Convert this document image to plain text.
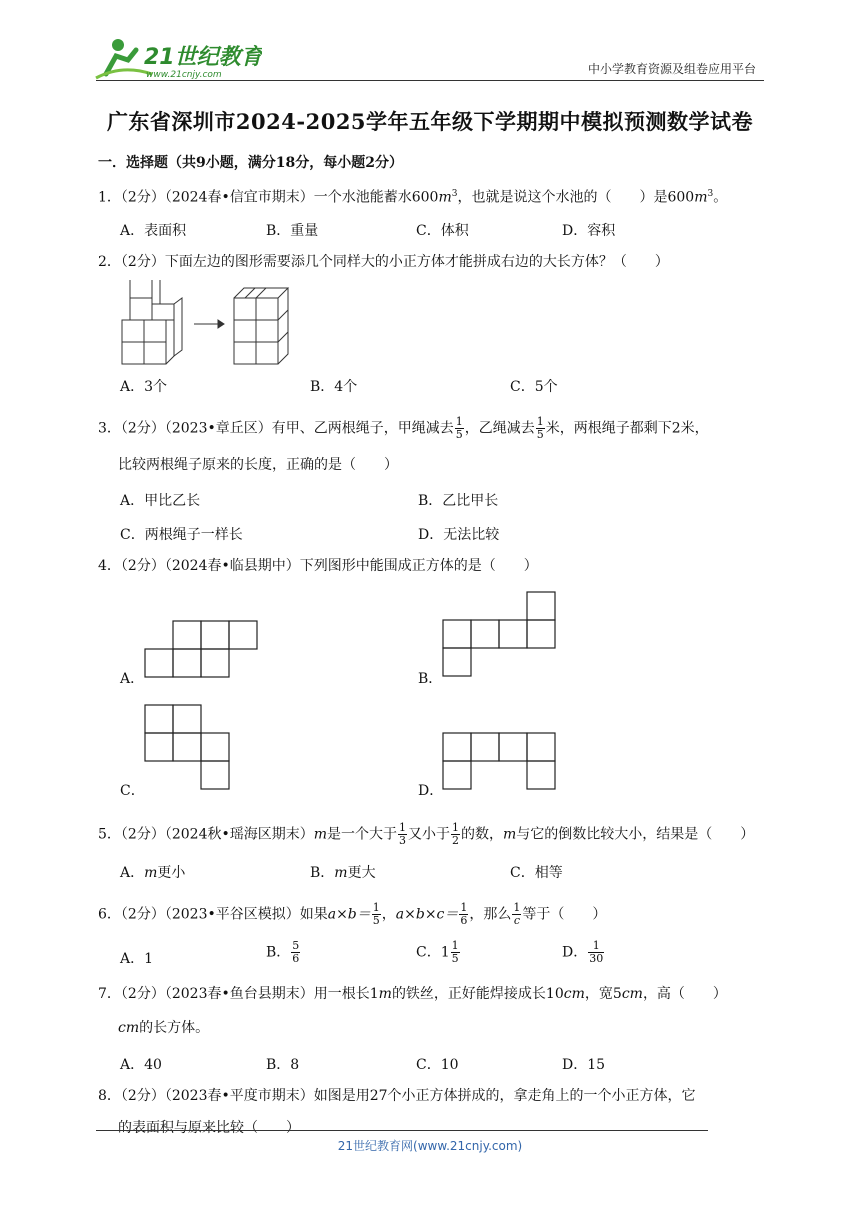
21世纪教育
www.21cnjy.com	中小学教育资源及组卷应用平台
广东省深圳市2024-2025学年五年级下学期期中模拟预测数学试卷
一．选择题（共9小题，满分18分，每小题2分）
1．（2分）（2024春•信宜市期末）一个水池能蓄水$600m^3$，也就是说这个水池的（　　）是$600m^3$。
A．表面积	B．重量	C．体积	D．容积
2．（2分）下面左边的图形需要添几个同样大的小正方体才能拼成右边的大长方体？（　　）
A．3个	B．4个	C．5个
3．（2分）（2023•章丘区）有甲、乙两根绳子，甲绳减去 $\frac{1}{5}$ ，乙绳减去 $\frac{1}{5}$ 米，两根绳子都剩下2米，
比较两根绳子原来的长度，正确的是（　　）
A．甲比乙长	B．乙比甲长
C．两根绳子一样长	D．无法比较
4．（2分）（2024春•临县期中）下列图形中能围成正方体的是（　　）
A．	B．
C．	D．
5．（2分）（2024秋•瑶海区期末）m是一个大于 $\frac{1}{3}$ 又小于 $\frac{1}{2}$ 的数，m与它的倒数比较大小，结果是（　　）
A．m更小	B．m更大	C．相等
6．（2分）（2023•平谷区模拟）如果$a\times b= \frac{1}{5}$ ，$a\times b\times c= \frac{1}{6}$ ，那么 $\frac{1}{c}$ 等于（　　）
A．1	B． $\frac{5}{6}$	C．$1 \frac{1}{5}$	D． $\frac{1}{30}$
7．（2分）（2023春•鱼台县期末）用一根长1m的铁丝，正好能焊接成长10cm，宽5cm，高（　　）
cm的长方体。
A．40	B．8	C．10	D．15
8．（2分）（2023春•平度市期末）如图是用27个小正方体拼成的，拿走角上的一个小正方体，它
的表面积与原来比较（　　）
21世纪教育网(www.21cnjy.com)
